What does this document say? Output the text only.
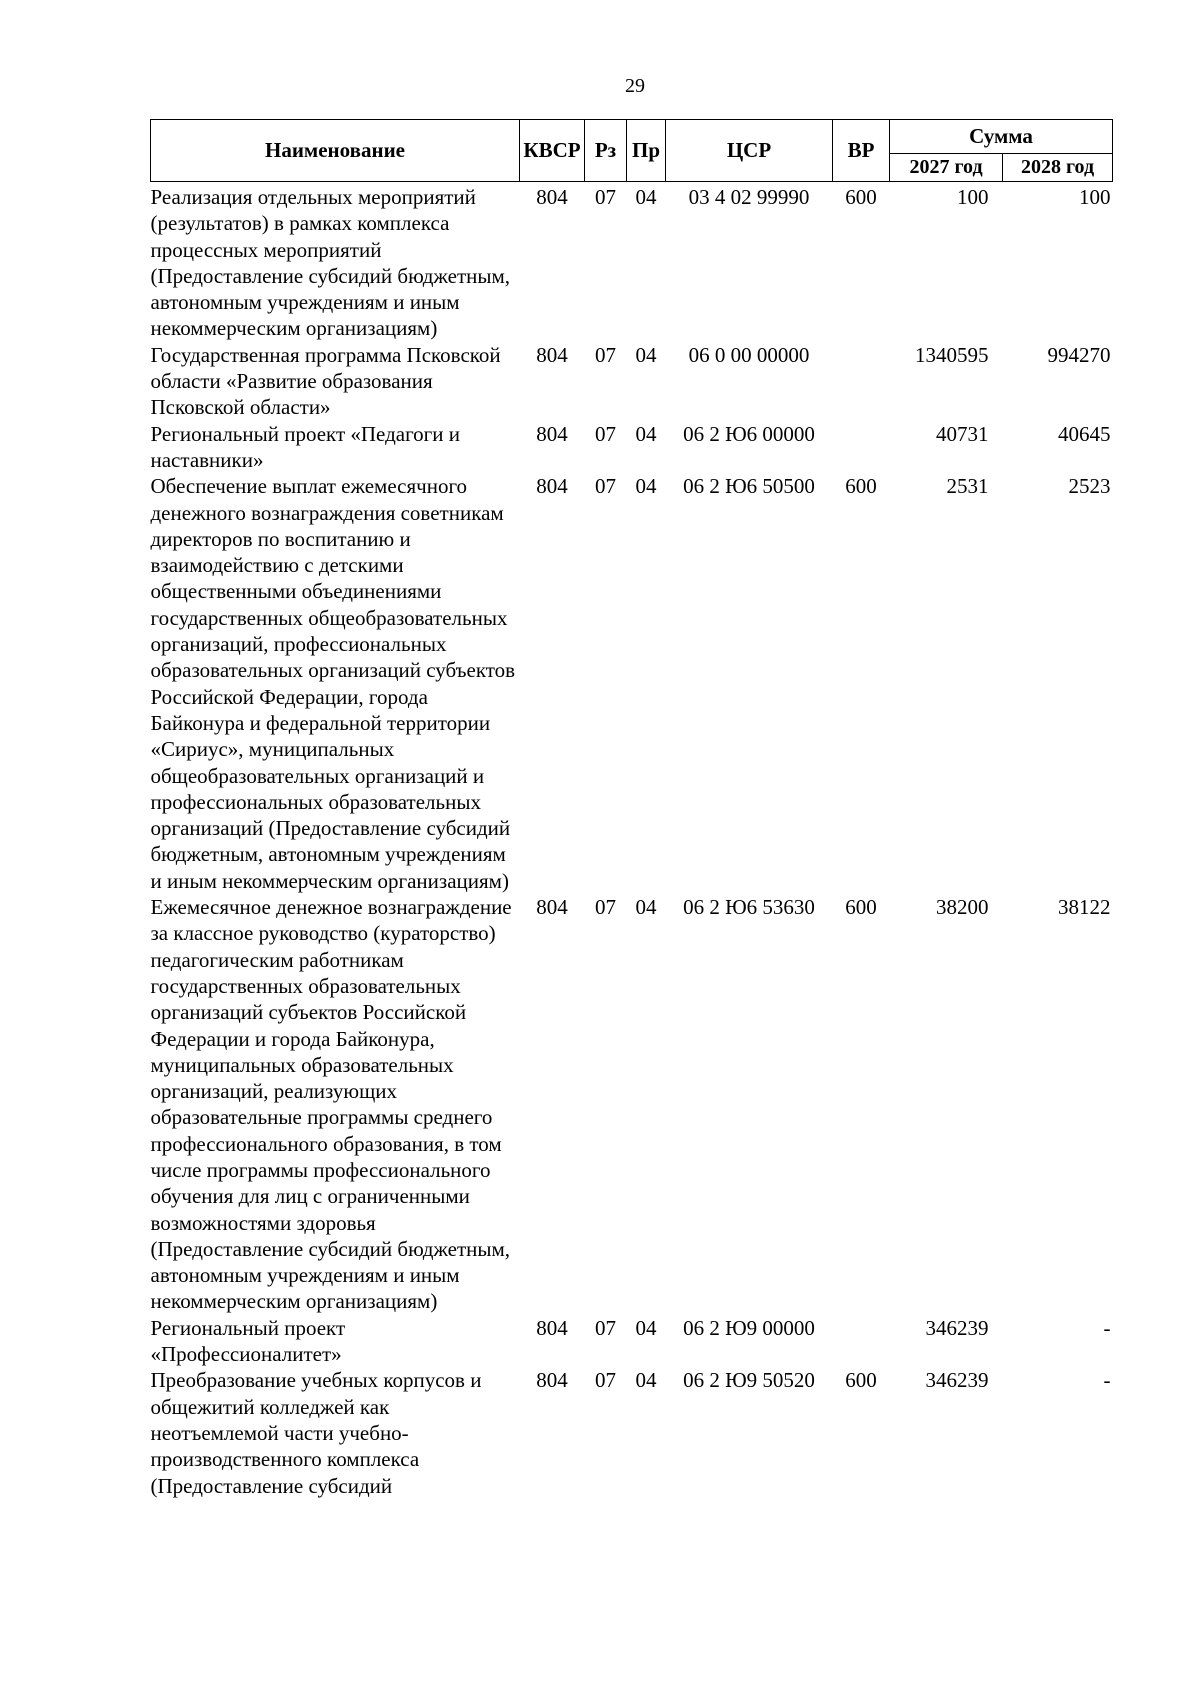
29
Наименование	КВСР	Рз	Пр	ЦСР	ВР	Сумма	
						2027 год	2028 год
Реализация отдельных мероприятий (результатов) в рамках комплекса процессных мероприятий (Предоставление субсидий бюджетным, автономным учреждениям и иным некоммерческим организациям)	804	07	04	03 4 02 99990	600	100	100
Государственная программа Псковской области «Развитие образования Псковской области»	804	07	04	06 0 00 00000		1340595	994270
Региональный проект «Педагоги и наставники»	804	07	04	06 2 Ю6 00000		40731	40645
Обеспечение выплат ежемесячного денежного вознаграждения советникам директоров по воспитанию и взаимодействию с детскими общественными объединениями государственных общеобразовательных организаций, профессиональных образовательных организаций субъектов Российской Федерации, города Байконура и федеральной территории «Сириус», муниципальных общеобразовательных организаций и профессиональных образовательных организаций (Предоставление субсидий бюджетным, автономным учреждениям и иным некоммерческим организациям)	804	07	04	06 2 Ю6 50500	600	2531	2523
Ежемесячное денежное вознаграждение за классное руководство (кураторство) педагогическим работникам государственных образовательных организаций субъектов Российской Федерации и города Байконура, муниципальных образовательных организаций, реализующих образовательные программы среднего профессионального образования, в том числе программы профессионального обучения для лиц с ограниченными возможностями здоровья (Предоставление субсидий бюджетным, автономным учреждениям и иным некоммерческим организациям)	804	07	04	06 2 Ю6 53630	600	38200	38122
Региональный проект «Профессионалитет»	804	07	04	06 2 Ю9 00000		346239	-
Преобразование учебных корпусов и общежитий колледжей как неотъемлемой части учебно-производственного комплекса (Предоставление субсидий	804	07	04	06 2 Ю9 50520	600	346239	-
